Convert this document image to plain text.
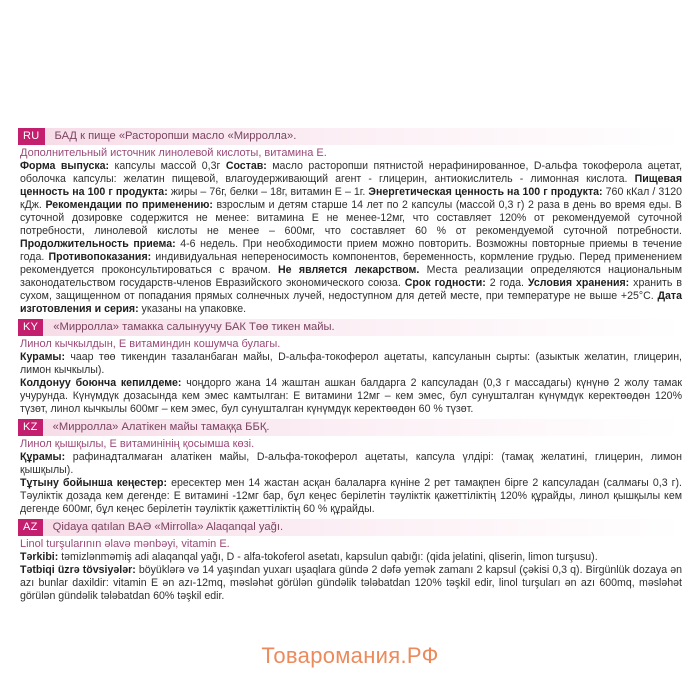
RU	БАД к пище «Расторопши масло «Мирролла».
Дополнительный источник линолевой кислоты, витамина E.
Форма выпуска: капсулы массой 0,3г Состав: масло расторопши пятнистой нерафинированное, D-альфа токоферола ацетат, оболочка капсулы: желатин пищевой, влагоудерживающий агент - глицерин, антиокислитель - лимонная кислота. Пищевая ценность на 100 г продукта: жиры – 76г, белки – 18г, витамин E – 1г. Энергетическая ценность на 100 г продукта: 760 кКал / 3120 кДж. Рекомендации по применению: взрослым и детям старше 14 лет по 2 капсулы (массой 0,3 г) 2 раза в день во время еды. В суточной дозировке содержится не менее: витамина E не менее-12мг, что составляет 120% от рекомендуемой суточной потребности, линолевой кислоты не менее – 600мг, что составляет 60 % от рекомендуемой суточной потребности. Продолжительность приема: 4-6 недель. При необходимости прием можно повторить. Возможны повторные приемы в течение года. Противопоказания: индивидуальная непереносимость компонентов, беременность, кормление грудью. Перед применением рекомендуется проконсультироваться с врачом. Не является лекарством. Места реализации определяются национальным законодательством государств-членов Евразийского экономического союза. Срок годности: 2 года. Условия хранения: хранить в сухом, защищенном от попадания прямых солнечных лучей, недоступном для детей месте, при температуре не выше +25°С. Дата изготовления и серия: указаны на упаковке.
KY	«Мирролла» тамакка салынуучу БАК Төө тикен майы.
Линол кычкылдын, Е витаминдин кошумча булагы.
Курамы: чаар төө тикендин тазаланбаган майы, D-альфа-токоферол ацетаты, капсуланын сырты: (азыктык желатин, глицерин, лимон кычкылы).
Колдонуу боюнча кепилдеме: чоңдорго жана 14 жаштан ашкан балдарга 2 капсуладан (0,3 г массадагы) күнүнө 2 жолу тамак учурунда. Күнүмдүк дозасында кем эмес камтылган: Е витамини 12мг – кем эмес, бул сунушталган күнүмдүк керектөөдөн 120% түзөт, линол кычкылы 600мг – кем эмес, бул сунушталган күнүмдүк керектөөдөн 60 % түзөт.
KZ	«Мирролла» Алатікен майы тамаққа ББҚ.
Линол қышқылы, Е витаминінің қосымша көзі.
Құрамы: рафинадталмаған алатікен майы, D-альфа-токоферол ацетаты, капсула үлдірі: (тамақ желатині, глицерин, лимон қышқылы).
Тұтыну бойынша кеңестер: ересектер мен 14 жастан асқан балаларға күніне 2 рет тамақпен бірге 2 капсуладан (салмағы 0,3 г). Тәуліктік дозада кем дегенде: Е витамині -12мг бар, бұл кеңес берілетін тәуліктік қажеттіліктің 120% құрайды, линол қышқылы кем дегенде 600мг, бұл кеңес берілетін тәуліктік қажеттіліктің 60 % құрайды.
AZ	Qidaya qatılan BAƏ «Mirrolla» Alaqanqal yağı.
Linol turşularının əlavə mənbəyi, vitamin E.
Tərkibi: təmizlənməmiş adi alaqanqal yağı, D - alfa-tokoferol asetatı, kapsulun qabığı: (qida jelatini, qliserin, limon turşusu).
Tətbiqi üzrə tövsiyələr: böyüklərə və 14 yaşından yuxarı uşaqlara gündə 2 dəfə yemək zamanı 2 kapsul (çəkisi 0,3 q). Birgünlük dozaya ən azı bunlar daxildir: vitamin E ən azı-12mq, məsləhət görülən gündəlik tələbatdan 120% təşkil edir, linol turşuları ən azı 600mq, məsləhət görülən gündəlik tələbatdan 60% təşkil edir.
Товаромания.РФ
